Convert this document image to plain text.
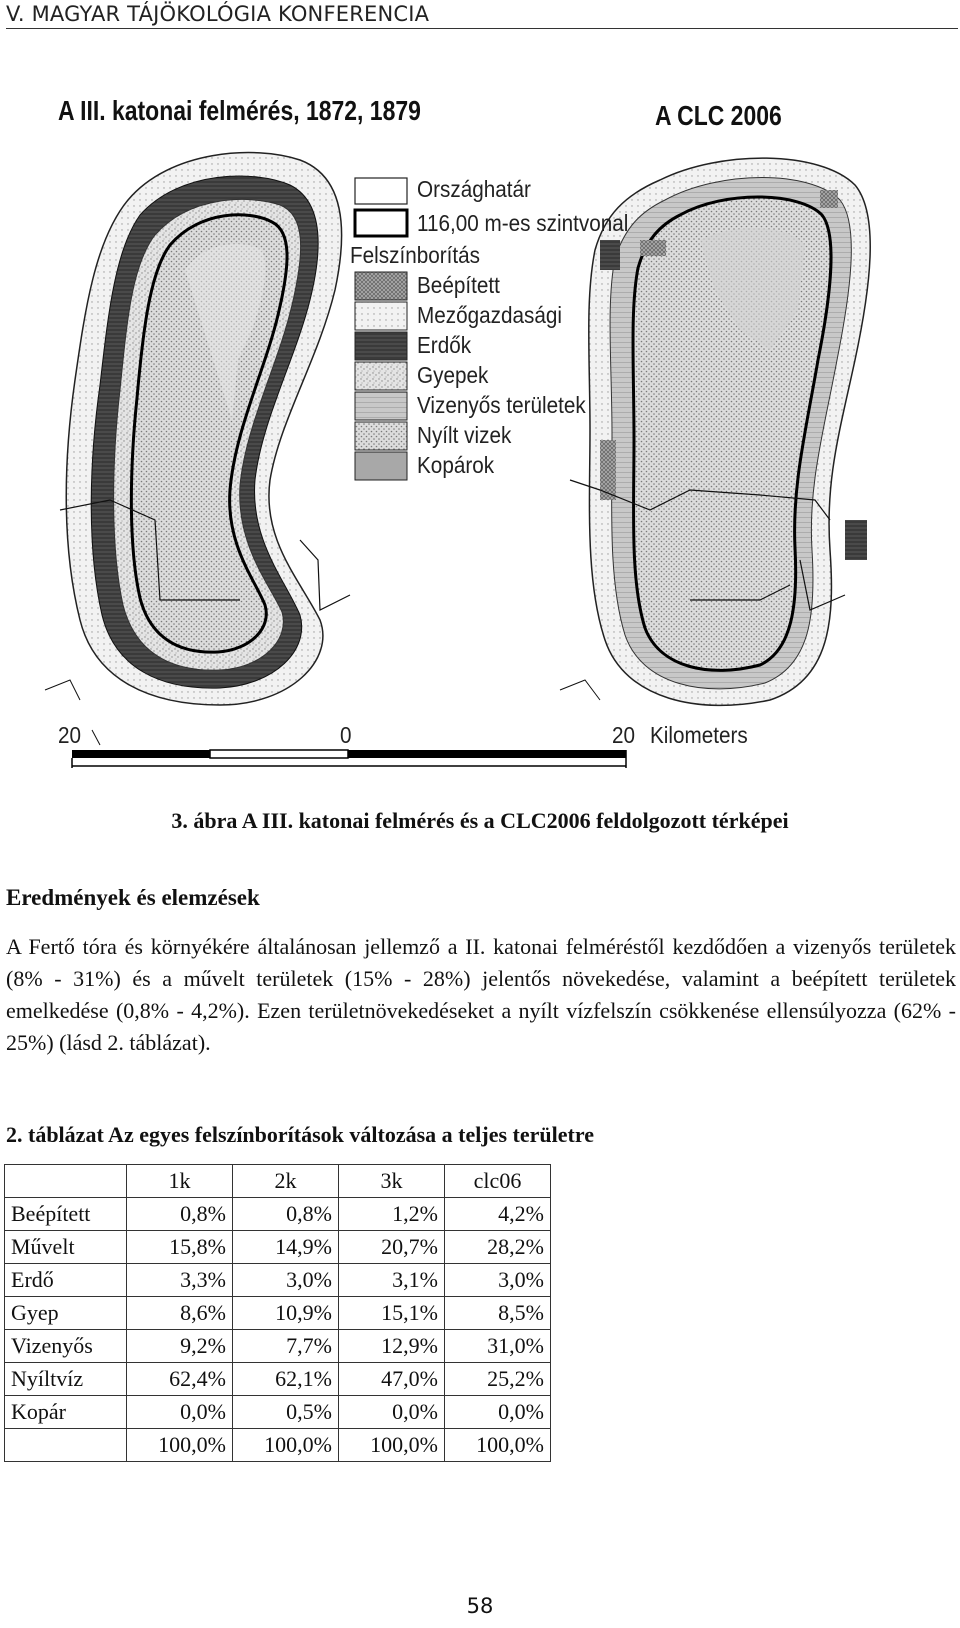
V. MAGYAR TÁJÖKOLÓGIA KONFERENCIA
A III. katonai felmérés, 1872, 1879	A CLC 2006
Országhatár
116,00 m-es szintvonal
Felszínborítás
Beépített
Mezőgazdasági
Erdők
Gyepek
Vizenyős területek
Nyílt vizek
Kopárok
20	0	20 Kilometers
3. ábra A III. katonai felmérés és a CLC2006 feldolgozott térképei
Eredmények és elemzések
A Fertő tóra és környékére általánosan jellemző a II. katonai felméréstől kezdődően a vizenyős területek (8% - 31%) és a művelt területek (15% - 28%) jelentős növekedése, valamint a beépített területek emelkedése (0,8% - 4,2%). Ezen területnövekedéseket a nyílt vízfelszín csökkenése ellensúlyozza (62% - 25%) (lásd 2. táblázat).
2. táblázat Az egyes felszínborítások változása a teljes területre
	1k	2k	3k	clc06
Beépített	0,8%	0,8%	1,2%	4,2%
Művelt	15,8%	14,9%	20,7%	28,2%
Erdő	3,3%	3,0%	3,1%	3,0%
Gyep	8,6%	10,9%	15,1%	8,5%
Vizenyős	9,2%	7,7%	12,9%	31,0%
Nyíltvíz	62,4%	62,1%	47,0%	25,2%
Kopár	0,0%	0,5%	0,0%	0,0%
	100,0%	100,0%	100,0%	100,0%
58
